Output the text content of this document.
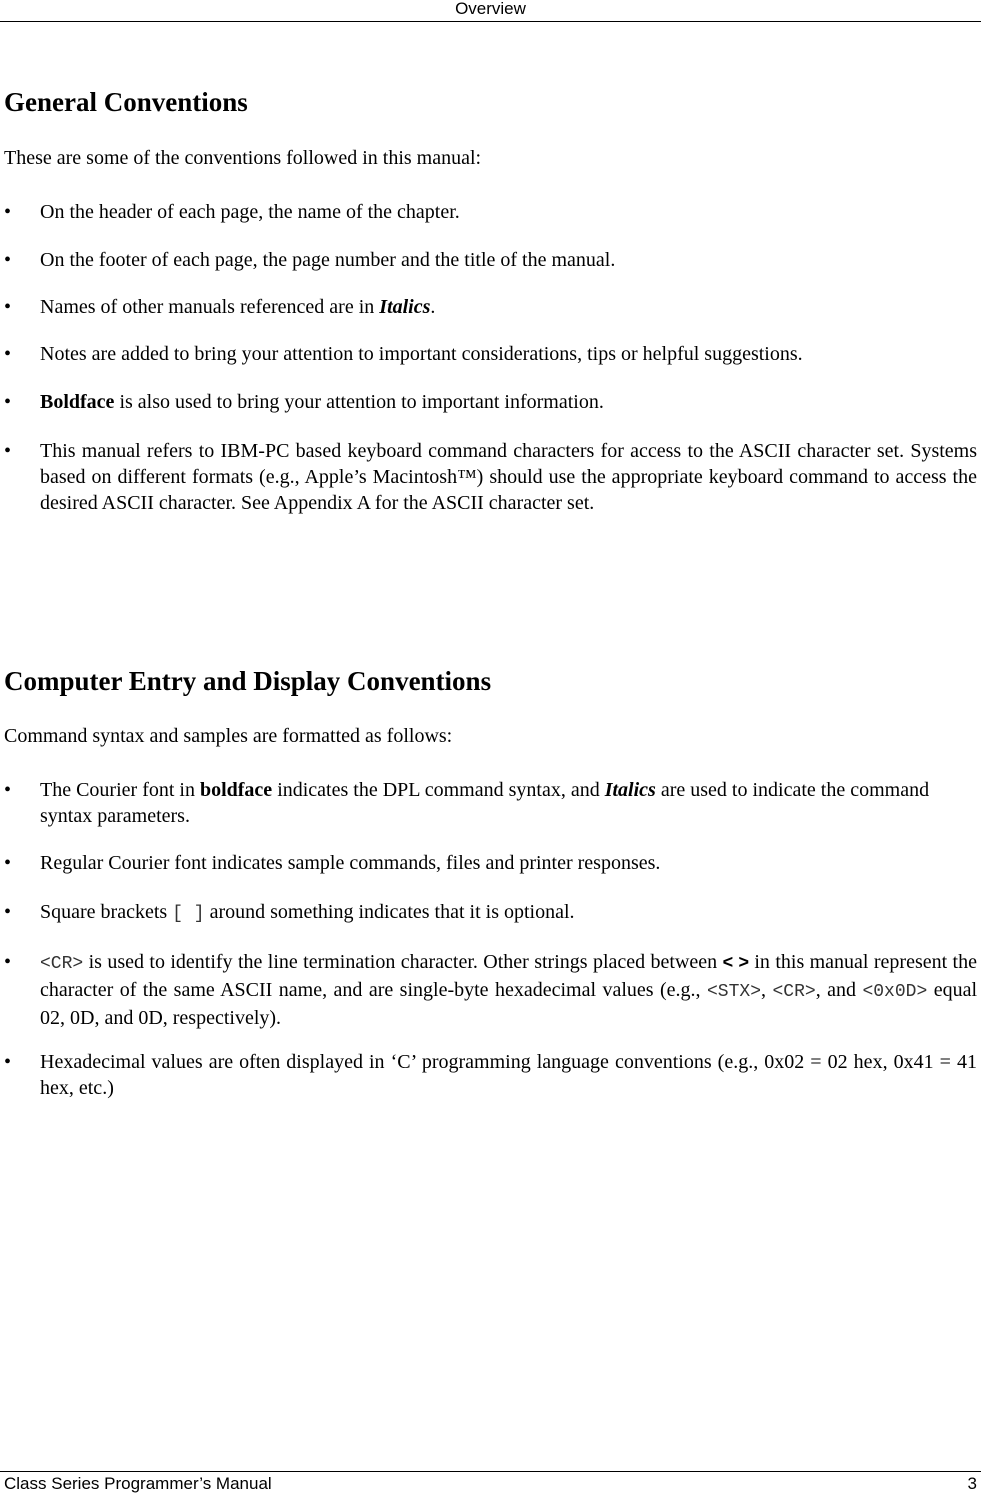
Overview
General Conventions

These are some of the conventions followed in this manual:

•	On the header of each page, the name of the chapter.
•	On the footer of each page, the page number and the title of the manual.
•	Names of other manuals referenced are in Italics.
•	Notes are added to bring your attention to important considerations, tips or helpful suggestions.
•	Boldface is also used to bring your attention to important information.
•	This manual refers to IBM-PC based keyboard command characters for access to the ASCII character set. Systems based on different formats (e.g., Apple’s Macintosh™) should use the appropriate keyboard command to access the desired ASCII character. See Appendix A for the ASCII character set.
Computer Entry and Display Conventions

Command syntax and samples are formatted as follows:

•	The Courier font in boldface indicates the DPL command syntax, and Italics are used to indicate the command syntax parameters.
•	Regular Courier font indicates sample commands, files and printer responses.
•	Square brackets [ ] around something indicates that it is optional.
•	<CR> is used to identify the line termination character. Other strings placed between < > in this manual represent the character of the same ASCII name, and are single-byte hexadecimal values (e.g., <STX>, <CR>, and <0x0D> equal 02, 0D, and 0D, respectively).
•	Hexadecimal values are often displayed in ‘C’ programming language conventions (e.g., 0x02 = 02 hex, 0x41 = 41 hex, etc.)
Class Series Programmer’s Manual	3
